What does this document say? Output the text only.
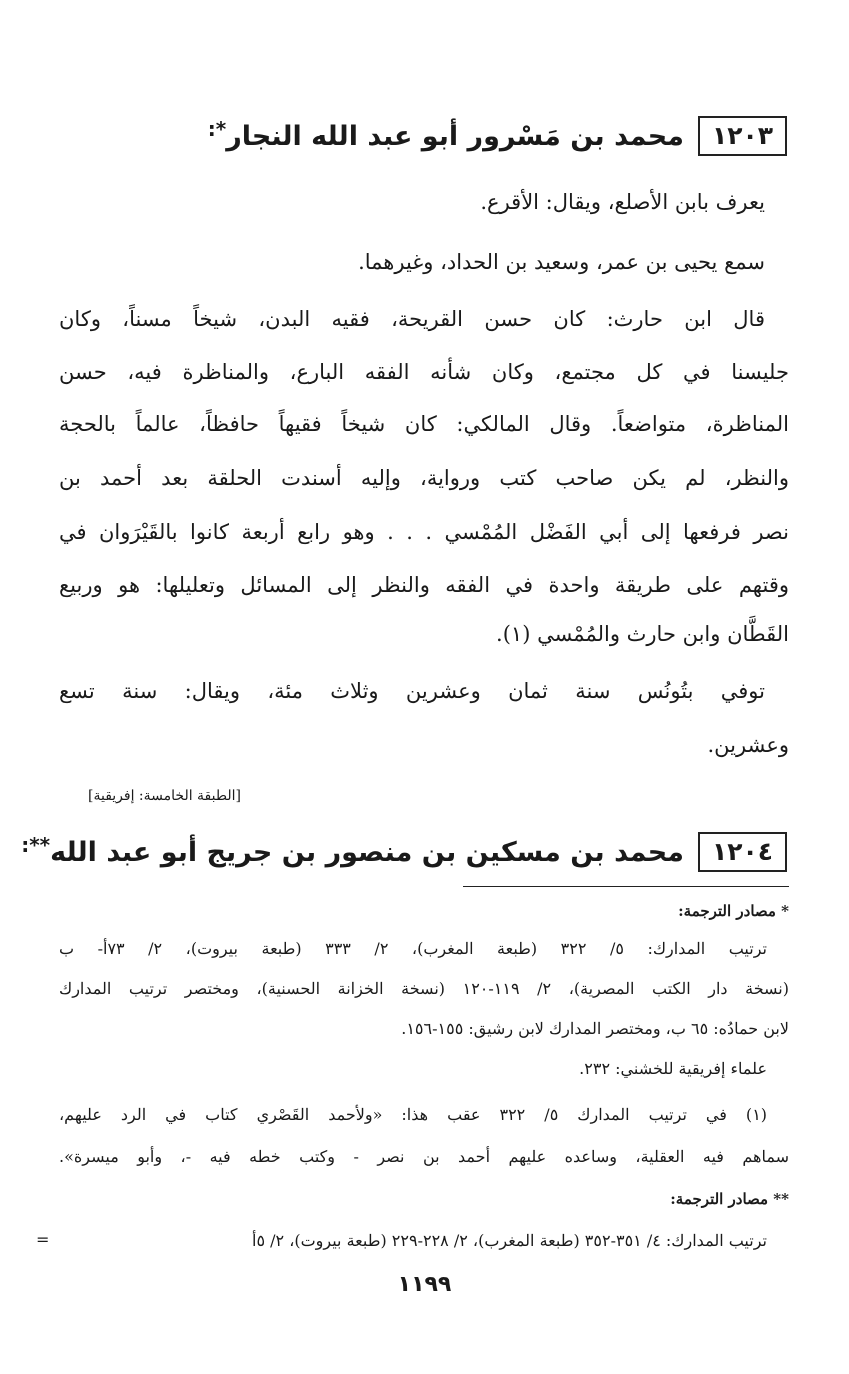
١٢٠٣
محمد بن مَسْرور أبو عبد الله النجار*:
يعرف بابن الأصلع، ويقال: الأقرع.
سمع يحيى بن عمر، وسعيد بن الحداد، وغيرهما.
قال ابن حارث: كان حسن القريحة، فقيه البدن، شيخاً مسناً، وكان
جليسنا في كل مجتمع، وكان شأنه الفقه البارع، والمناظرة فيه، حسن
المناظرة، متواضعاً. وقال المالكي: كان شيخاً فقيهاً حافظاً، عالماً بالحجة
والنظر، لم يكن صاحب كتب ورواية، وإليه أسندت الحلقة بعد أحمد بن
نصر فرفعها إلى أبي الفَضْل المُمْسي . . . وهو رابع أربعة كانوا بالقَيْرَوان في
وقتهم على طريقة واحدة في الفقه والنظر إلى المسائل وتعليلها: هو وربيع
القَطَّان وابن حارث والمُمْسي (١).
توفي بتُونُس سنة ثمان وعشرين وثلاث مئة، ويقال: سنة تسع
وعشرين.
[الطبقة الخامسة: إفريقية]
١٢٠٤
محمد بن مسكين بن منصور بن جريج أبو عبد الله**:
* مصادر الترجمة:
ترتيب المدارك: ٥/ ٣٢٢ (طبعة المغرب)، ٢/ ٣٣٣ (طبعة بيروت)، ٢/ ٧٣أ- ب
(نسخة دار الكتب المصرية)، ٢/ ١١٩-١٢٠ (نسخة الخزانة الحسنية)، ومختصر ترتيب المدارك
لابن حمادُه: ٦٥ ب، ومختصر المدارك لابن رشيق: ١٥٥-١٥٦.
علماء إفريقية للخشني: ٢٣٢.
(١) في ترتيب المدارك ٥/ ٣٢٢ عقب هذا: «ولأحمد القَصْري كتاب في الرد عليهم،
سماهم فيه العقلية، وساعده عليهم أحمد بن نصر - وكتب خطه فيه -، وأبو ميسرة».
** مصادر الترجمة:
ترتيب المدارك: ٤/ ٣٥١-٣٥٢ (طبعة المغرب)، ٢/ ٢٢٨-٢٢٩ (طبعة بيروت)، ٢/ ٥أ
=
١١٩٩
